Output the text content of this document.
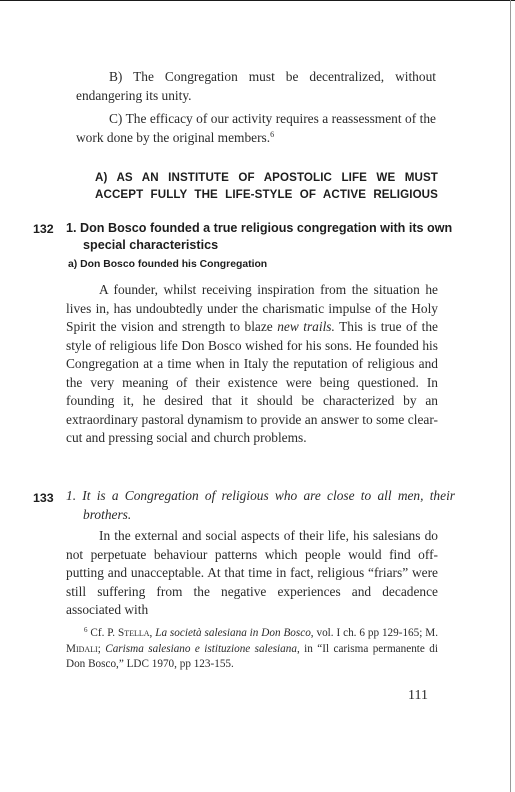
B) The Congregation must be decentralized, without endangering its unity.

C) The efficacy of our activity requires a reassessment of the work done by the original members.$^6$

A) AS AN INSTITUTE OF APOSTOLIC LIFE WE MUST ACCEPT FULLY THE LIFE-STYLE OF ACTIVE RELIGIOUS

132 1. Don Bosco founded a true religious congregation with its own special characteristics

a) Don Bosco founded his Congregation

A founder, whilst receiving inspiration from the situation he lives in, has undoubtedly under the charismatic impulse of the Holy Spirit the vision and strength to blaze new trails. This is true of the style of religious life Don Bosco wished for his sons. He founded his Congregation at a time when in Italy the reputation of religious and the very meaning of their existence were being questioned. In founding it, he desired that it should be characterized by an extraordinary pastoral dynamism to provide an answer to some clear-cut and pressing social and church problems.

133 1. It is a Congregation of religious who are close to all men, their brothers.

In the external and social aspects of their life, his salesians do not perpetuate behaviour patterns which people would find off-putting and unacceptable. At that time in fact, religious “friars” were still suffering from the negative experiences and decadence associated with

$^6$ Cf. P. Stella, La società salesiana in Don Bosco, vol. I ch. 6 pp 129-165; M. Midali; Carisma salesiano e istituzione salesiana, in “Il carisma permanente di Don Bosco,” LDC 1970, pp 123-155.

111
